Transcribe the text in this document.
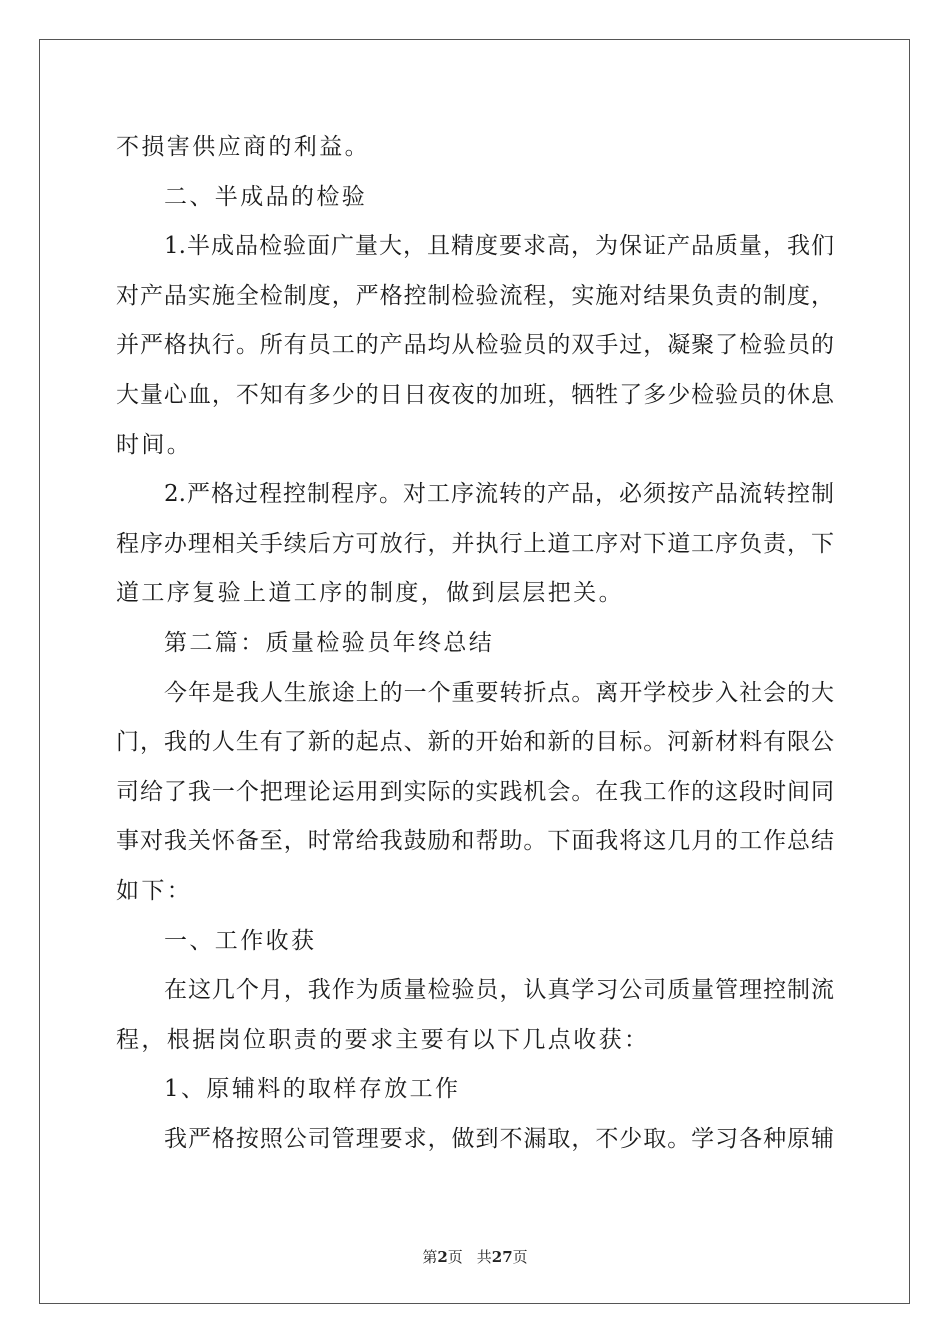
不损害供应商的利益。
二、半成品的检验
1.半成品检验面广量大，且精度要求高，为保证产品质量，我们
对产品实施全检制度，严格控制检验流程，实施对结果负责的制度，
并严格执行。所有员工的产品均从检验员的双手过，凝聚了检验员的
大量心血，不知有多少的日日夜夜的加班，牺牲了多少检验员的休息
时间。
2.严格过程控制程序。对工序流转的产品，必须按产品流转控制
程序办理相关手续后方可放行，并执行上道工序对下道工序负责，下
道工序复验上道工序的制度，做到层层把关。
第二篇：质量检验员年终总结
今年是我人生旅途上的一个重要转折点。离开学校步入社会的大
门，我的人生有了新的起点、新的开始和新的目标。河新材料有限公
司给了我一个把理论运用到实际的实践机会。在我工作的这段时间同
事对我关怀备至，时常给我鼓励和帮助。下面我将这几月的工作总结
如下：
一、工作收获
在这几个月，我作为质量检验员，认真学习公司质量管理控制流
程，根据岗位职责的要求主要有以下几点收获：
1、原辅料的取样存放工作
我严格按照公司管理要求，做到不漏取，不少取。学习各种原辅
第2页 共27页
